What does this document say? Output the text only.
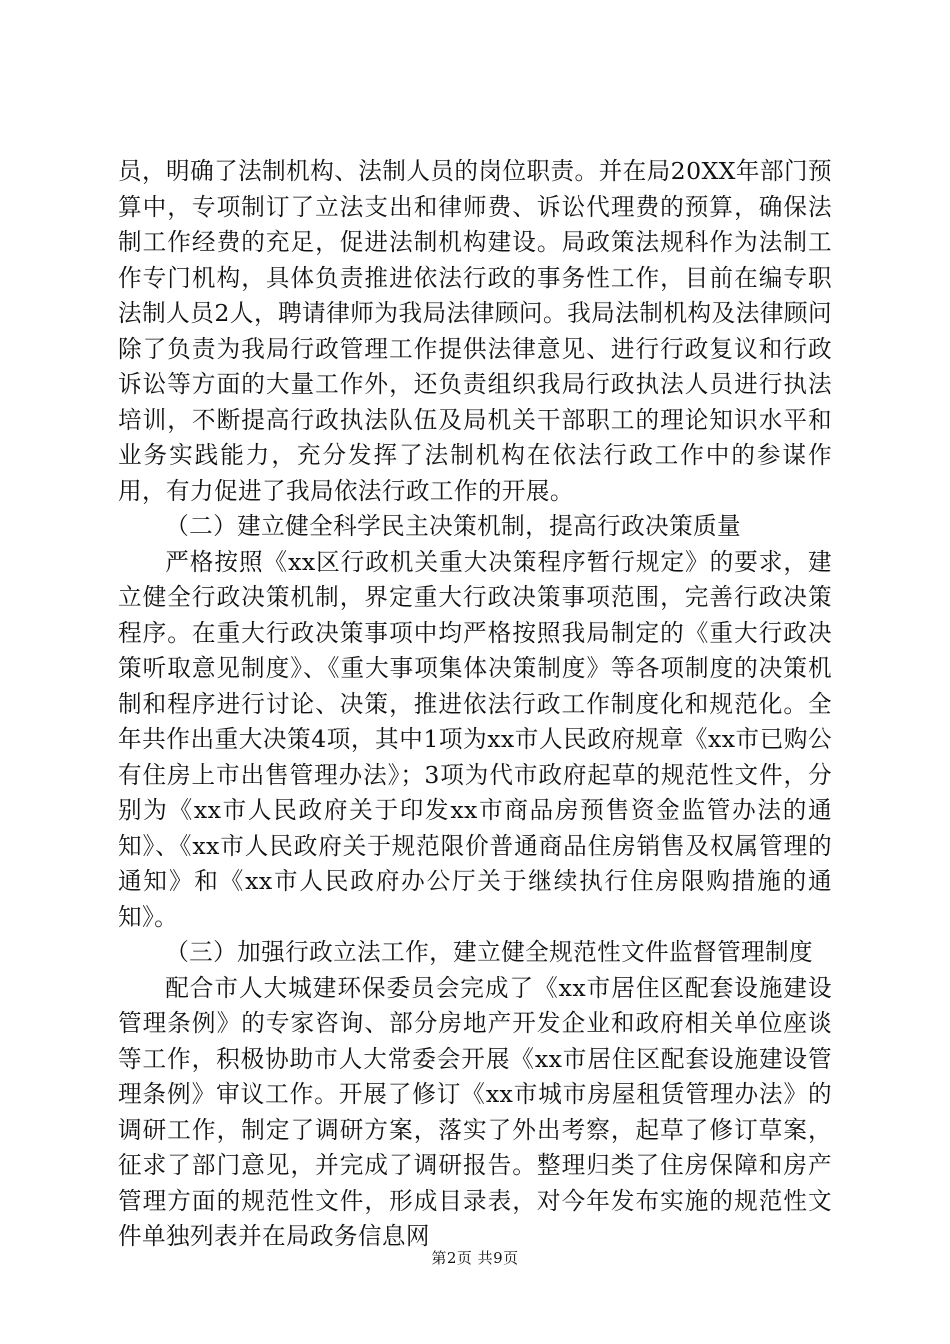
员，明确了法制机构、法制人员的岗位职责。并在局20XX年部门预算中，专项制订了立法支出和律师费、诉讼代理费的预算，确保法制工作经费的充足，促进法制机构建设。局政策法规科作为法制工作专门机构，具体负责推进依法行政的事务性工作，目前在编专职法制人员2人，聘请律师为我局法律顾问。我局法制机构及法律顾问除了负责为我局行政管理工作提供法律意见、进行行政复议和行政诉讼等方面的大量工作外，还负责组织我局行政执法人员进行执法培训，不断提高行政执法队伍及局机关干部职工的理论知识水平和业务实践能力，充分发挥了法制机构在依法行政工作中的参谋作用，有力促进了我局依法行政工作的开展。

（二）建立健全科学民主决策机制，提高行政决策质量

严格按照《xx区行政机关重大决策程序暂行规定》的要求，建立健全行政决策机制，界定重大行政决策事项范围，完善行政决策程序。在重大行政决策事项中均严格按照我局制定的《重大行政决策听取意见制度》、《重大事项集体决策制度》等各项制度的决策机制和程序进行讨论、决策，推进依法行政工作制度化和规范化。全年共作出重大决策4项，其中1项为xx市人民政府规章《xx市已购公有住房上市出售管理办法》；3项为代市政府起草的规范性文件，分别为《xx市人民政府关于印发xx市商品房预售资金监管办法的通知》、《xx市人民政府关于规范限价普通商品住房销售及权属管理的通知》和《xx市人民政府办公厅关于继续执行住房限购措施的通知》。

（三）加强行政立法工作，建立健全规范性文件监督管理制度

配合市人大城建环保委员会完成了《xx市居住区配套设施建设管理条例》的专家咨询、部分房地产开发企业和政府相关单位座谈等工作，积极协助市人大常委会开展《xx市居住区配套设施建设管理条例》审议工作。开展了修订《xx市城市房屋租赁管理办法》的调研工作，制定了调研方案，落实了外出考察，起草了修订草案，征求了部门意见，并完成了调研报告。整理归类了住房保障和房产管理方面的规范性文件，形成目录表，对今年发布实施的规范性文件单独列表并在局政务信息网

第2页 共9页
